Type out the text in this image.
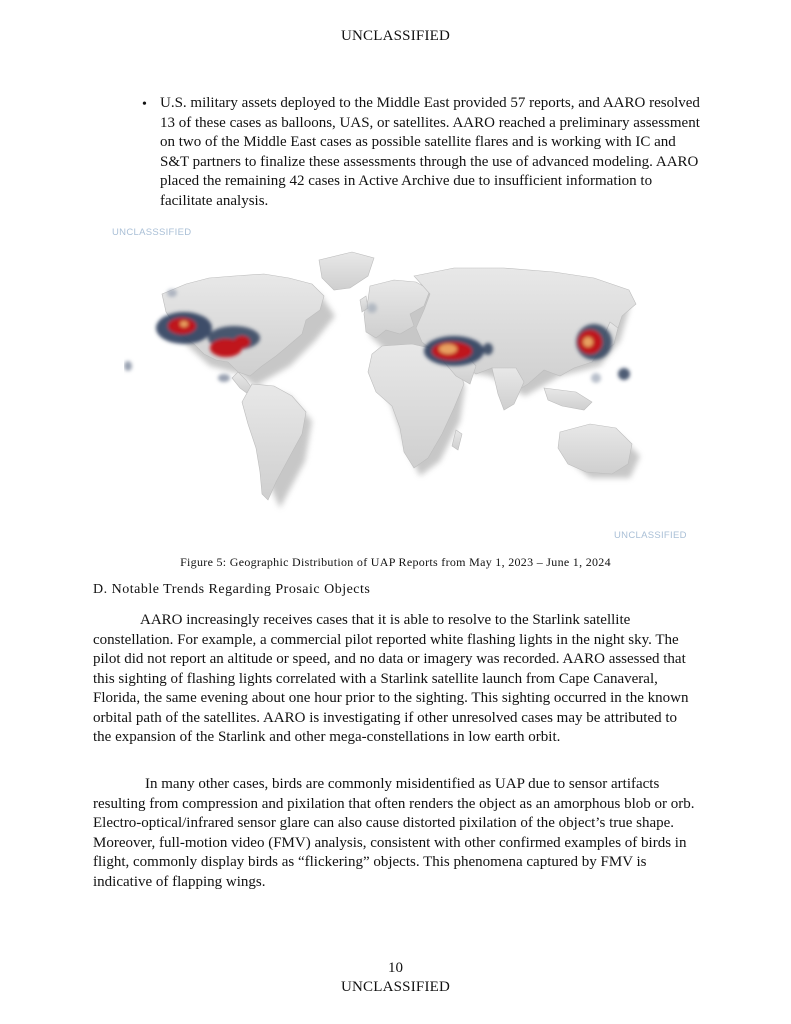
UNCLASSIFIED
• U.S. military assets deployed to the Middle East provided 57 reports, and AARO resolved 13 of these cases as balloons, UAS, or satellites. AARO reached a preliminary assessment on two of the Middle East cases as possible satellite flares and is working with IC and S&T partners to finalize these assessments through the use of advanced modeling. AARO placed the remaining 42 cases in Active Archive due to insufficient information to facilitate analysis.
UNCLASSSIFIED
UNCLASSIFIED
Figure 5: Geographic Distribution of UAP Reports from May 1, 2023 – June 1, 2024
D. Notable Trends Regarding Prosaic Objects
AARO increasingly receives cases that it is able to resolve to the Starlink satellite constellation. For example, a commercial pilot reported white flashing lights in the night sky. The pilot did not report an altitude or speed, and no data or imagery was recorded. AARO assessed that this sighting of flashing lights correlated with a Starlink satellite launch from Cape Canaveral, Florida, the same evening about one hour prior to the sighting. This sighting occurred in the known orbital path of the satellites. AARO is investigating if other unresolved cases may be attributed to the expansion of the Starlink and other mega-constellations in low earth orbit.
In many other cases, birds are commonly misidentified as UAP due to sensor artifacts resulting from compression and pixilation that often renders the object as an amorphous blob or orb. Electro-optical/infrared sensor glare can also cause distorted pixilation of the object’s true shape. Moreover, full-motion video (FMV) analysis, consistent with other confirmed examples of birds in flight, commonly display birds as “flickering” objects. This phenomena captured by FMV is indicative of flapping wings.
10
UNCLASSIFIED
